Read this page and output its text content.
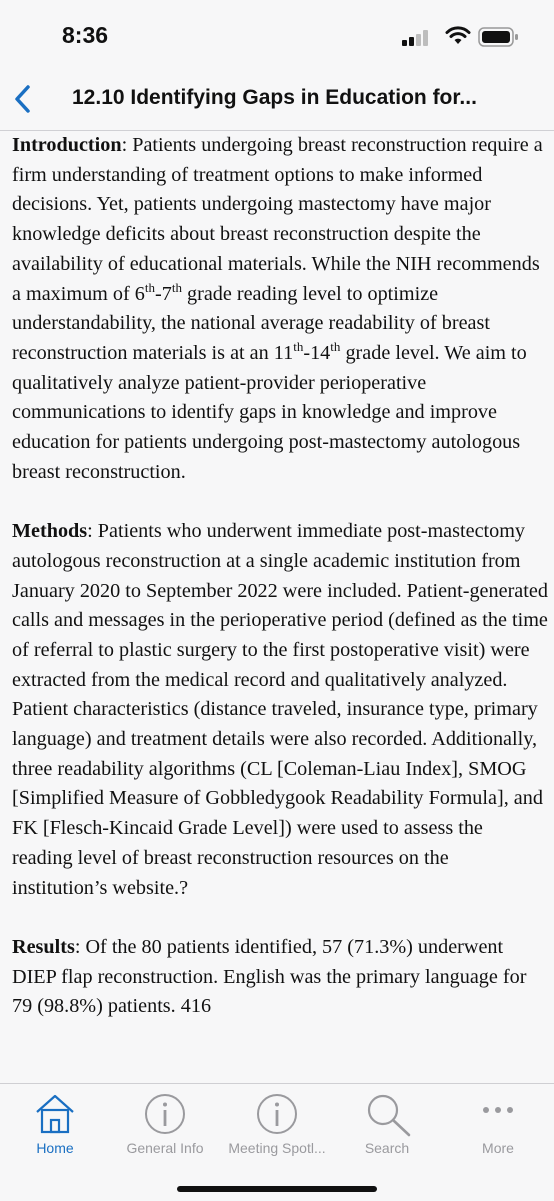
8:36
12.10 Identifying Gaps in Education for...

Introduction: Patients undergoing breast reconstruction require a firm understanding of treatment options to make informed decisions. Yet, patients undergoing mastectomy have major knowledge deficits about breast reconstruction despite the availability of educational materials. While the NIH recommends a maximum of 6th-7th grade reading level to optimize understandability, the national average readability of breast reconstruction materials is at an 11th-14th grade level. We aim to qualitatively analyze patient-provider perioperative communications to identify gaps in knowledge and improve education for patients undergoing post-mastectomy autologous breast reconstruction.

Methods: Patients who underwent immediate post-mastectomy autologous reconstruction at a single academic institution from January 2020 to September 2022 were included. Patient-generated calls and messages in the perioperative period (defined as the time of referral to plastic surgery to the first postoperative visit) were extracted from the medical record and qualitatively analyzed. Patient characteristics (distance traveled, insurance type, primary language) and treatment details were also recorded. Additionally, three readability algorithms (CL [Coleman-Liau Index], SMOG [Simplified Measure of Gobbledygook Readability Formula], and FK [Flesch-Kincaid Grade Level]) were used to assess the reading level of breast reconstruction resources on the institution’s website.?

Results: Of the 80 patients identified, 57 (71.3%) underwent DIEP flap reconstruction. English was the primary language for 79 (98.8%) patients. 416

Home	General Info	Meeting Spotl...	Search	More
